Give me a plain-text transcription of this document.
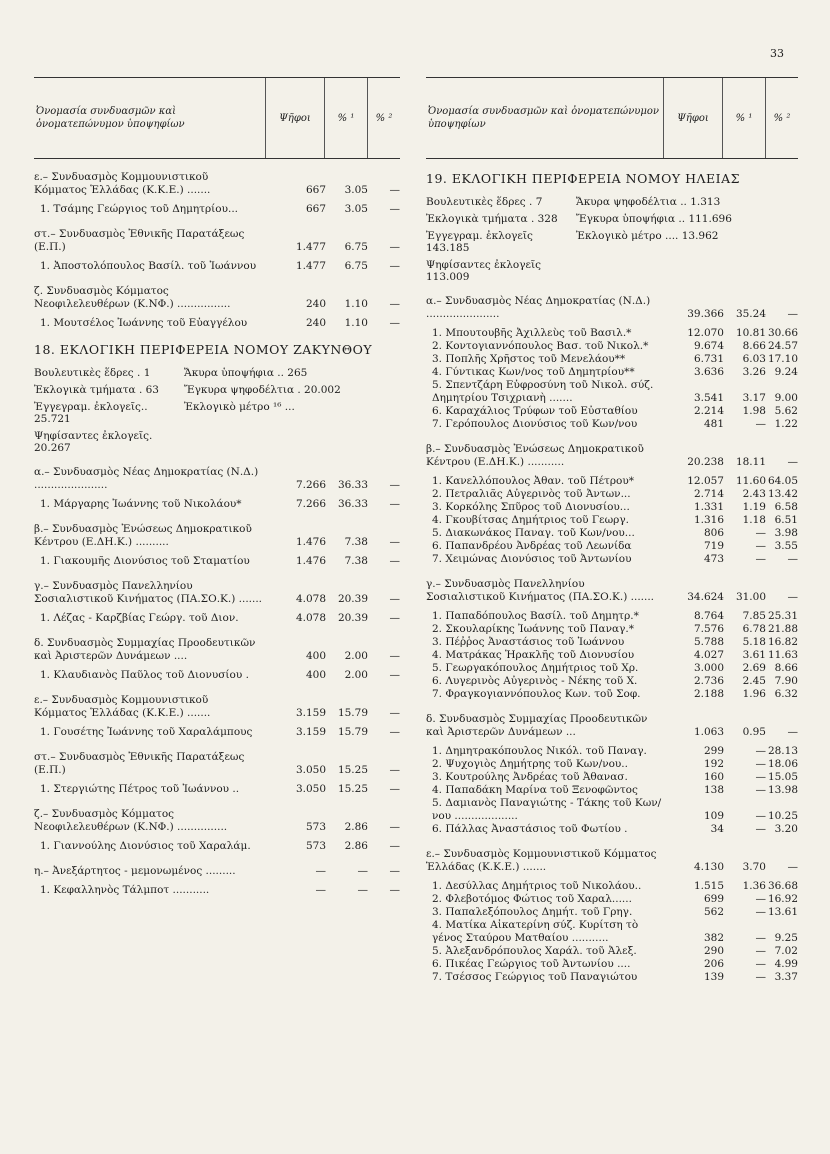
33
Ὀνομασία συνδυασμῶν καὶ ὀνοματεπώνυμον ὑποψηφίων
Ψῆφοι	% ¹	% ²
ε.– Συνδυασμὸς Κομμουνιστικοῦ Κόμματος Ἑλλάδας (Κ.Κ.Ε.) .......	667	3.05	—
1. Τσάμης Γεώργιος τοῦ Δημητρίου...	667	3.05	—
στ.– Συνδυασμὸς Ἐθνικῆς Παρατάξεως (Ε.Π.)	1.477	6.75	—
1. Ἀποστολόπουλος Βασίλ. τοῦ Ἰωάννου	1.477	6.75	—
ζ. Συνδυασμὸς Κόμματος Νεοφιλελευθέρων (Κ.ΝΦ.) ................	240	1.10	—
1. Μουτσέλος Ἰωάννης τοῦ Εὐαγγέλου	240	1.10	—
18. ΕΚΛΟΓΙΚΗ ΠΕΡΙΦΕΡΕΙΑ ΝΟΜΟΥ ΖΑΚΥΝΘΟΥ
Βουλευτικὲς ἕδρες . 1	Ἄκυρα ὑποψήφια .. 265
Ἐκλογικὰ τμήματα . 63	Ἔγκυρα ψηφοδέλτια . 20.002
Ἐγγεγραμ. ἐκλογεῖς.. 25.721
Ἐκλογικὸ μέτρο ¹⁶ ...
Ψηφίσαντες ἐκλογεῖς. 20.267
α.– Συνδυασμὸς Νέας Δημοκρατίας (Ν.Δ.) ......................	7.266	36.33	—
1. Μάργαρης Ἰωάννης τοῦ Νικολάου*	7.266	36.33	—
β.– Συνδυασμὸς Ἐνώσεως Δημοκρατικοῦ Κέντρου (Ε.ΔΗ.Κ.) ..........	1.476	7.38	—
1. Γιακουμῆς Διονύσιος τοῦ Σταματίου	1.476	7.38	—
γ.– Συνδυασμὸς Πανελληνίου Σοσιαλιστικοῦ Κινήματος (ΠΑ.ΣΟ.Κ.) .......	4.078	20.39	—
1. Λέζας - Καρζβίας Γεώργ. τοῦ Διον.	4.078	20.39	—
δ. Συνδυασμὸς Συμμαχίας Προοδευτικῶν καὶ Ἀριστερῶν Δυνάμεων ....	400	2.00	—
1. Κλαυδιανὸς Παῦλος τοῦ Διονυσίου .	400	2.00	—
ε.– Συνδυασμὸς Κομμουνιστικοῦ Κόμματος Ἑλλάδας (Κ.Κ.Ε.) .......	3.159	15.79	—
1. Γουσέτης Ἰωάννης τοῦ Χαραλάμπους	3.159	15.79	—
στ.– Συνδυασμὸς Ἐθνικῆς Παρατάξεως (Ε.Π.)	3.050	15.25	—
1. Στεργιώτης Πέτρος τοῦ Ἰωάννου ..	3.050	15.25	—
ζ.– Συνδυασμὸς Κόμματος Νεοφιλελευθέρων (Κ.ΝΦ.) ...............	573	2.86	—
1. Γιαννούλης Διονύσιος τοῦ Χαραλάμ.	573	2.86	—
η.– Ἀνεξάρτητος - μεμονωμένος .........	—	—	—
1. Κεφαλληνὸς Τάλμποτ ...........	—	—	—
Ὀνομασία συνδυασμῶν καὶ ὀνοματεπώνυμον ὑποψηφίων
Ψῆφοι	% ¹	% ²
19. ΕΚΛΟΓΙΚΗ ΠΕΡΙΦΕΡΕΙΑ ΝΟΜΟΥ ΗΛΕΙΑΣ
Βουλευτικὲς ἕδρες . 7	Ἄκυρα ψηφοδέλτια .. 1.313
Ἐκλογικὰ τμήματα . 328	Ἔγκυρα ὑποψήφια .. 111.696
Ἐγγεγραμ. ἐκλογεῖς 143.185
Ἐκλογικὸ μέτρο .... 13.962
Ψηφίσαντες ἐκλογεῖς 113.009
α.– Συνδυασμὸς Νέας Δημοκρατίας (Ν.Δ.) ......................	39.366	35.24	—
1. Μπουτουβῆς Ἀχιλλεὺς τοῦ Βασιλ.*	12.070	10.81 30.66
2. Κοντογιαννόπουλος Βασ. τοῦ Νικολ.*	9.674	8.66 24.57
3. Ποπλῆς Χρῆστος τοῦ Μενελάου**	6.731	6.03 17.10
4. Γύντικας Κων/νος τοῦ Δημητρίου**	3.636	3.26 9.24
5. Σπεντζάρη Εὐφροσύνη τοῦ Νικολ. σύζ. Δημητρίου Τσιχριανὴ .......	3.541	3.17 9.00
6. Καραχάλιος Τρύφων τοῦ Εὐσταθίου	2.214	1.98 5.62
7. Γερόπουλος Διονύσιος τοῦ Κων/νου	481	— 1.22
β.– Συνδυασμὸς Ἐνώσεως Δημοκρατικοῦ Κέντρου (Ε.ΔΗ.Κ.) ...........	20.238	18.11	—
1. Κανελλόπουλος Ἀθαν. τοῦ Πέτρου*	12.057	11.60 64.05
2. Πετραλιᾶς Αὐγερινὸς τοῦ Ἀντων...	2.714	2.43 13.42
3. Κορκόλης Σπῦρος τοῦ Διονυσίου...	1.331	1.19 6.58
4. Γκουβίτσας Δημήτριος τοῦ Γεωργ.	1.316	1.18 6.51
5. Διακωνάκος Παναγ. τοῦ Κων/νου...	806	— 3.98
6. Παπανδρέου Ἀνδρέας τοῦ Λεωνίδα	719	— 3.55
7. Χειμώνας Διονύσιος τοῦ Ἀντωνίου	473	—	—
γ.– Συνδυασμὸς Πανελληνίου Σοσιαλιστικοῦ Κινήματος (ΠΑ.ΣΟ.Κ.) .......	34.624	31.00	—
1. Παπαδόπουλος Βασίλ. τοῦ Δημητρ.*	8.764	7.85 25.31
2. Σκουλαρίκης Ἰωάννης τοῦ Παναγ.*	7.576	6.78 21.88
3. Πέῤῥος Ἀναστάσιος τοῦ Ἰωάννου	5.788	5.18 16.82
4. Ματράκας Ἡρακλῆς τοῦ Διονυσίου	4.027	3.61 11.63
5. Γεωργακόπουλος Δημήτριος τοῦ Χρ.	3.000	2.69 8.66
6. Λυγερινὸς Αὐγερινὸς - Νέκης τοῦ Χ.	2.736	2.45 7.90
7. Φραγκογιαννόπουλος Κων. τοῦ Σοφ.	2.188	1.96 6.32
δ. Συνδυασμὸς Συμμαχίας Προοδευτικῶν καὶ Ἀριστερῶν Δυνάμεων ...	1.063	0.95	—
1. Δημητρακόπουλος Νικόλ. τοῦ Παναγ.	299	— 28.13
2. Ψυχογιὸς Δημήτρης τοῦ Κων/νου..	192	— 18.06
3. Κουτρούλης Ἀνδρέας τοῦ Ἀθανασ.	160	— 15.05
4. Παπαδάκη Μαρίνα τοῦ Ξενοφῶντος	138	— 13.98
5. Δαμιανὸς Παναγιώτης - Τάκης τοῦ Κων/νου ...................	109	— 10.25
6. Πάλλας Ἀναστάσιος τοῦ Φωτίου .	34	— 3.20
ε.– Συνδυασμὸς Κομμουνιστικοῦ Κόμματος Ἑλλάδας (Κ.Κ.Ε.) .......	4.130	3.70	—
1. Δεσύλλας Δημήτριος τοῦ Νικολάου..	1.515	1.36 36.68
2. Φλεβοτόμος Φώτιος τοῦ Χαραλ......	699	— 16.92
3. Παπαλεξόπουλος Δημήτ. τοῦ Γρηγ.	562	— 13.61
4. Ματίκα Αἰκατερίνη σύζ. Κυρίτση τὸ γένος Σταύρου Ματθαίου ...........	382	— 9.25
5. Ἀλεξανδρόπουλος Χαράλ. τοῦ Ἀλεξ.	290	— 7.02
6. Πικέας Γεώργιος τοῦ Ἀντωνίου ....	206	— 4.99
7. Τσέσσος Γεώργιος τοῦ Παναγιώτου	139	— 3.37
